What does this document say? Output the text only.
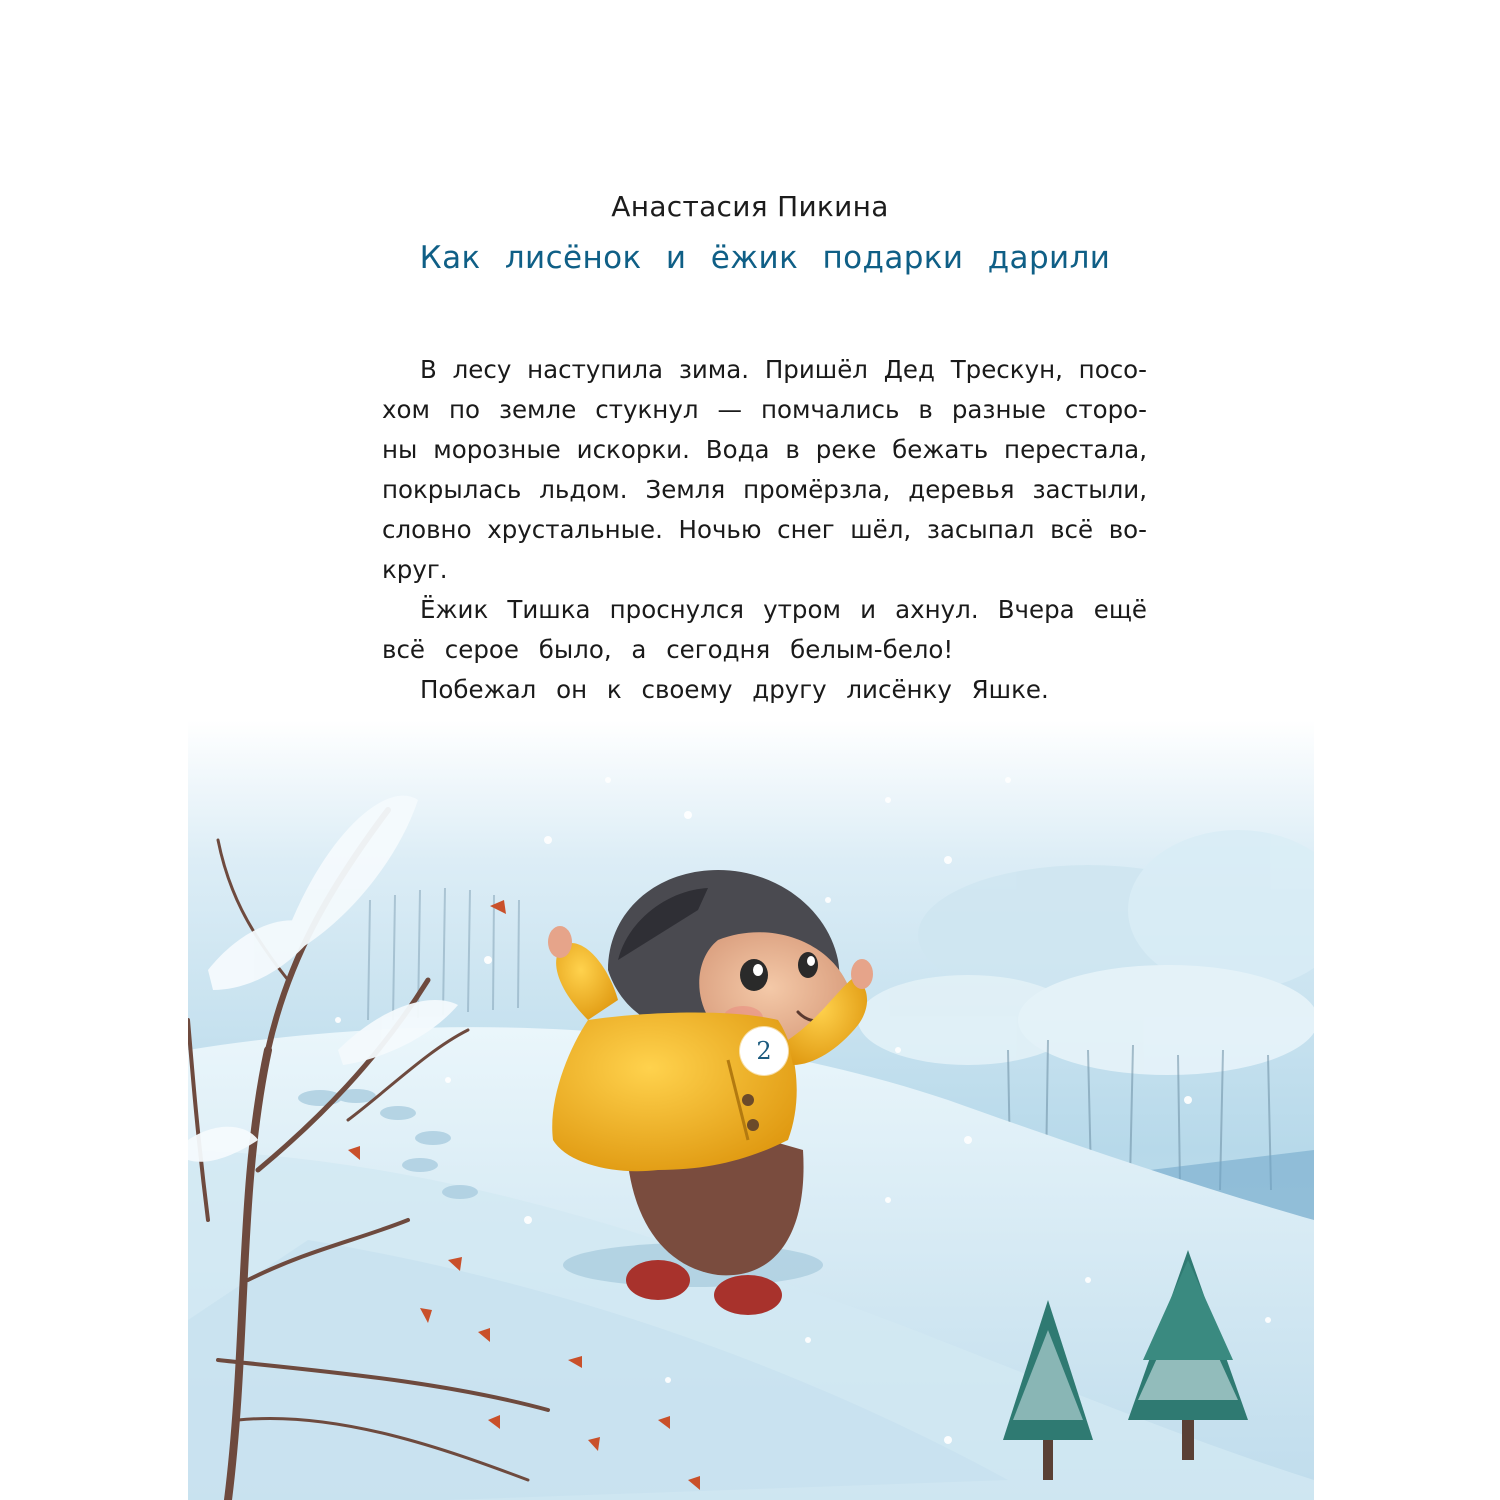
Анастасия Пикина
Как лисёнок и ёжик подарки дарили
В лесу наступила зима. Пришёл Дед Трескун, посо-
хом по земле стукнул — помчались в разные сторо-
ны морозные искорки. Вода в реке бежать перестала,
покрылась льдом. Земля промёрзла, деревья застыли,
словно хрустальные. Ночью снег шёл, засыпал всё во-
круг.
Ёжик Тишка проснулся утром и ахнул. Вчера ещё
всё серое было, а сегодня белым-бело!
Побежал он к своему другу лисёнку Яшке.
2
